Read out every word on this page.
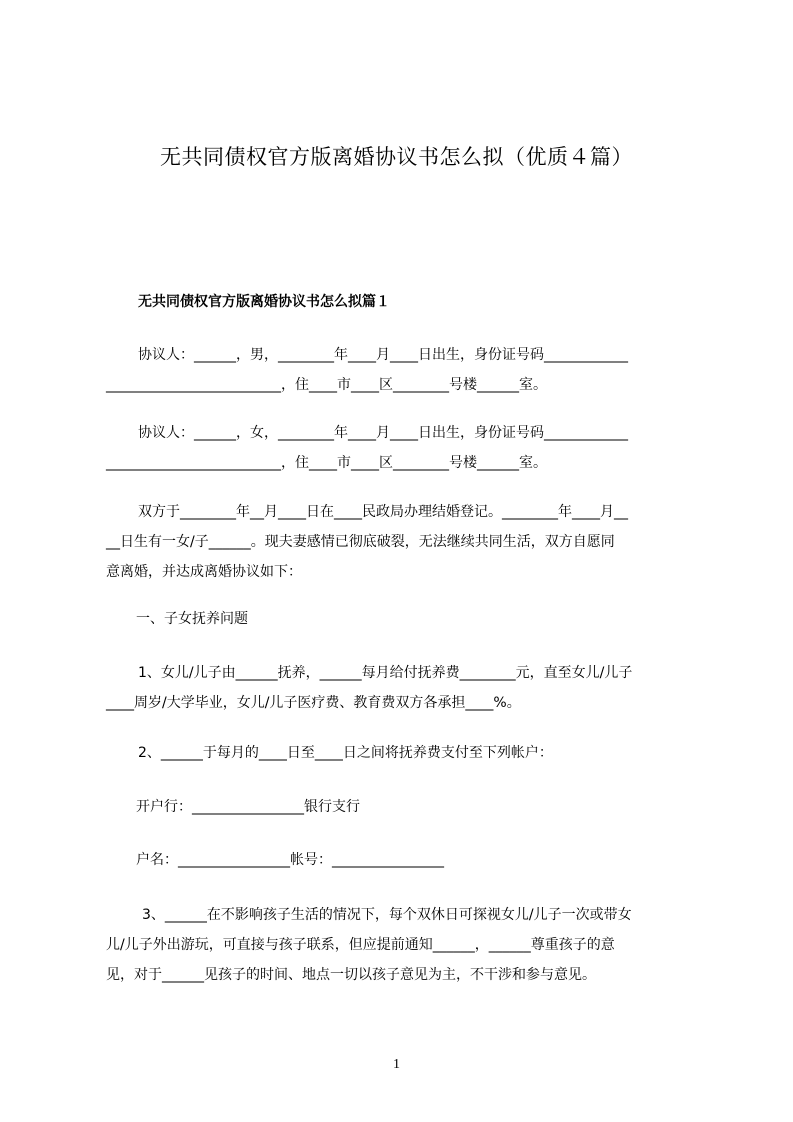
无共同债权官方版离婚协议书怎么拟（优质４篇）
无共同债权官方版离婚协议书怎么拟篇１
协议人：______，男，________年____月____日出生，身份证号码____________
_________________________，住____市____区________号楼______室。
协议人：______，女，________年____月____日出生，身份证号码____________
_________________________，住____市____区________号楼______室。
双方于________年__月____日在____民政局办理结婚登记。________年____月__
__日生有一女/子______。现夫妻感情已彻底破裂，无法继续共同生活，双方自愿同
意离婚，并达成离婚协议如下：
一、子女抚养问题
1、女儿/儿子由______抚养，______每月给付抚养费________元，直至女儿/儿子
____周岁/大学毕业，女儿/儿子医疗费、教育费双方各承担____%。
2、______于每月的____日至____日之间将抚养费支付至下列帐户：
开户行：________________银行支行
户名：________________帐号：________________
3、______在不影响孩子生活的情况下，每个双休日可探视女儿/儿子一次或带女
儿/儿子外出游玩，可直接与孩子联系，但应提前通知______，______尊重孩子的意
见，对于______见孩子的时间、地点一切以孩子意见为主，不干涉和参与意见。
1
